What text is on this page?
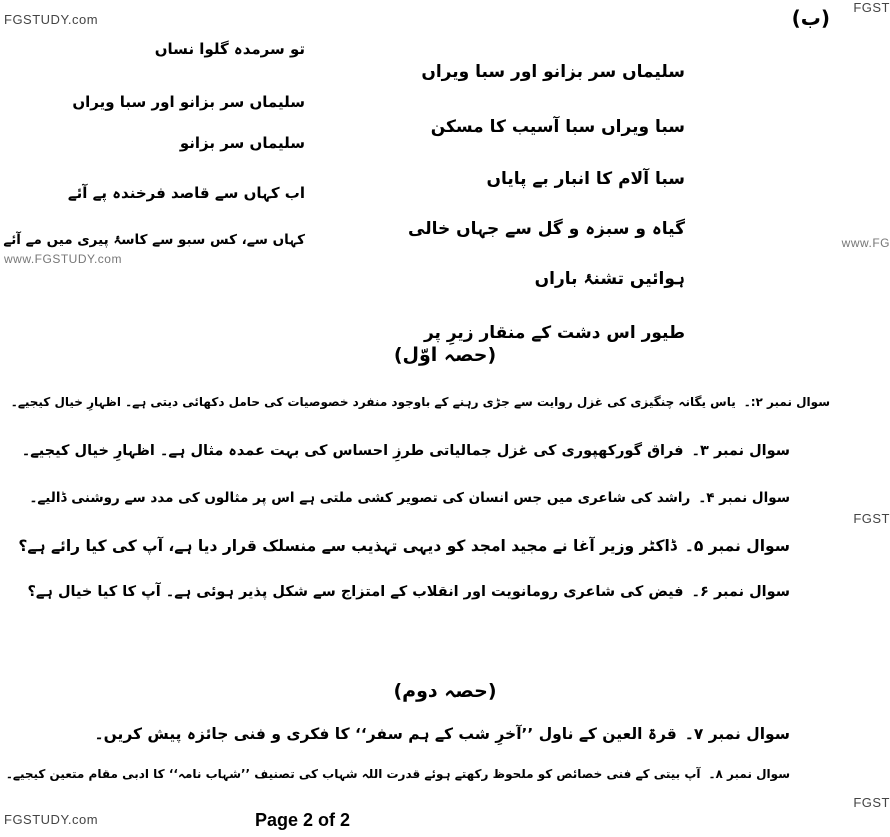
FGSTUDY.com
FGST
www.FG
www.FGSTUDY.com
FGST
FGSTUDY.com
FGST
(ب)
تو سرمدہ گلوا نساں
سلیماں سر بزانو اور سبا ویراں
سلیماں سر بزانو
اب کہاں سے قاصد فرخندہ پے آئے
کہاں سے، کس سبو سے کاسۂ پیری میں مے آئے
سلیماں سر بزانو اور سبا ویراں
سبا ویراں سبا آسیب کا مسکن
سبا آلام کا انبار بے پایاں
گیاہ و سبزہ و گل سے جہاں خالی
ہوائیں تشنۂ باراں
طیور اس دشت کے منقار زیرِ پر
(حصہ اوّل)
سوال نمبر ۲:۔یاس یگانہ چنگیزی کی غزل روایت سے جڑی رہنے کے باوجود منفرد خصوصیات کی حامل دکھائی دیتی ہے۔ اظہارِ خیال کیجیے۔
سوال نمبر ۳۔فراق گورکھپوری کی غزل جمالیاتی طرزِ احساس کی بہت عمدہ مثال ہے۔ اظہارِ خیال کیجیے۔
سوال نمبر ۴۔راشد کی شاعری میں جس انسان کی تصویر کشی ملتی ہے اس پر مثالوں کی مدد سے روشنی ڈالیے۔
سوال نمبر ۵۔ڈاکٹر وزیر آغا نے مجید امجد کو دیہی تہذیب سے منسلک قرار دیا ہے، آپ کی کیا رائے ہے؟
سوال نمبر ۶۔فیض کی شاعری رومانویت اور انقلاب کے امتزاج سے شکل پذیر ہوئی ہے۔ آپ کا کیا خیال ہے؟
(حصہ دوم)
سوال نمبر ۷۔قرۃ العین کے ناول ’’آخرِ شب کے ہم سفر‘‘ کا فکری و فنی جائزہ پیش کریں۔
سوال نمبر ۸۔آپ بیتی کے فنی خصائص کو ملحوظ رکھتے ہوئے قدرت اللہ شہاب کی تصنیف ’’شہاب نامہ‘‘ کا ادبی مقام متعین کیجیے۔
Page 2 of 2
